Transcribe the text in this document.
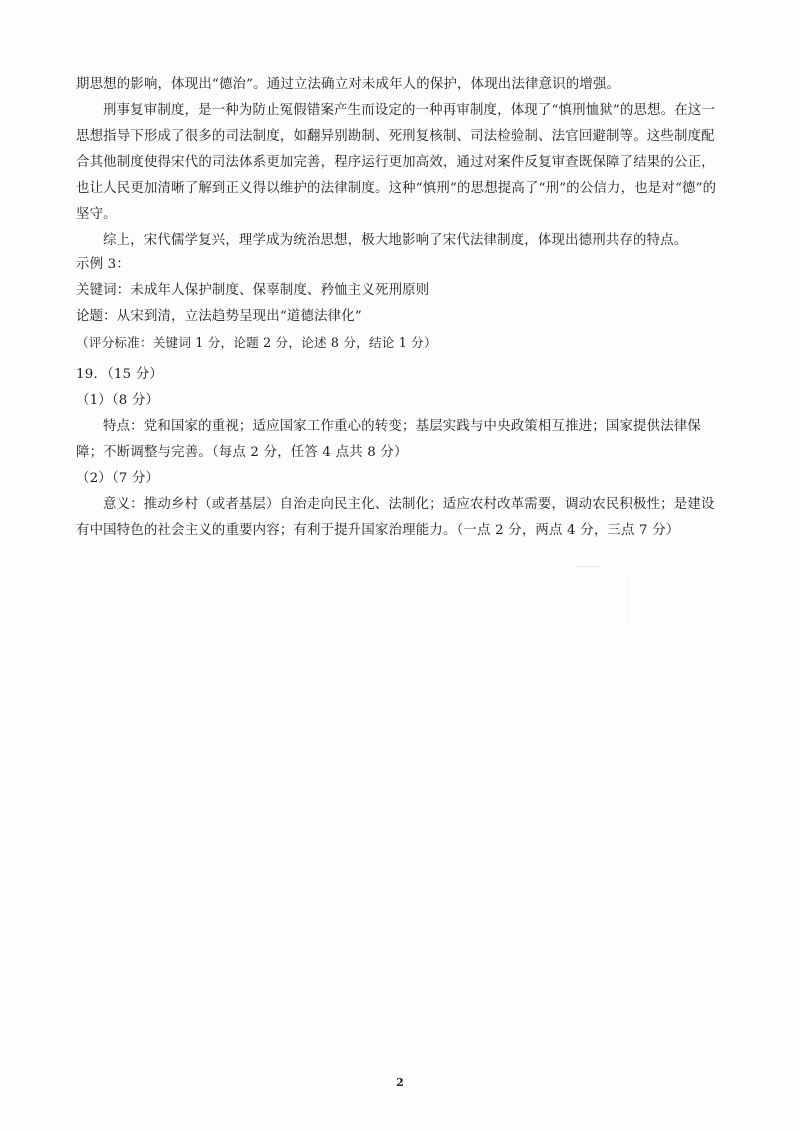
期思想的影响，体现出“德治”。通过立法确立对未成年人的保护，体现出法律意识的增强。

刑事复审制度，是一种为防止冤假错案产生而设定的一种再审制度，体现了“慎刑恤狱”的思想。在这一思想指导下形成了很多的司法制度，如翻异别勘制、死刑复核制、司法检验制、法官回避制等。这些制度配合其他制度使得宋代的司法体系更加完善，程序运行更加高效，通过对案件反复审查既保障了结果的公正，也让人民更加清晰了解到正义得以维护的法律制度。这种“慎刑”的思想提高了“刑”的公信力，也是对“德”的坚守。

综上，宋代儒学复兴，理学成为统治思想，极大地影响了宋代法律制度，体现出德刑共存的特点。

示例 3：

关键词：未成年人保护制度、保辜制度、矜恤主义死刑原则

论题：从宋到清，立法趋势呈现出“道德法律化”

（评分标准：关键词 1 分，论题 2 分，论述 8 分，结论 1 分）

19．（15 分）

（1）（8 分）

特点：党和国家的重视；适应国家工作重心的转变；基层实践与中央政策相互推进；国家提供法律保障；不断调整与完善。（每点 2 分，任答 4 点共 8 分）

（2）（7 分）

意义：推动乡村（或者基层）自治走向民主化、法制化；适应农村改革需要，调动农民积极性；是建设有中国特色的社会主义的重要内容；有利于提升国家治理能力。（一点 2 分，两点 4 分，三点 7 分）

2
